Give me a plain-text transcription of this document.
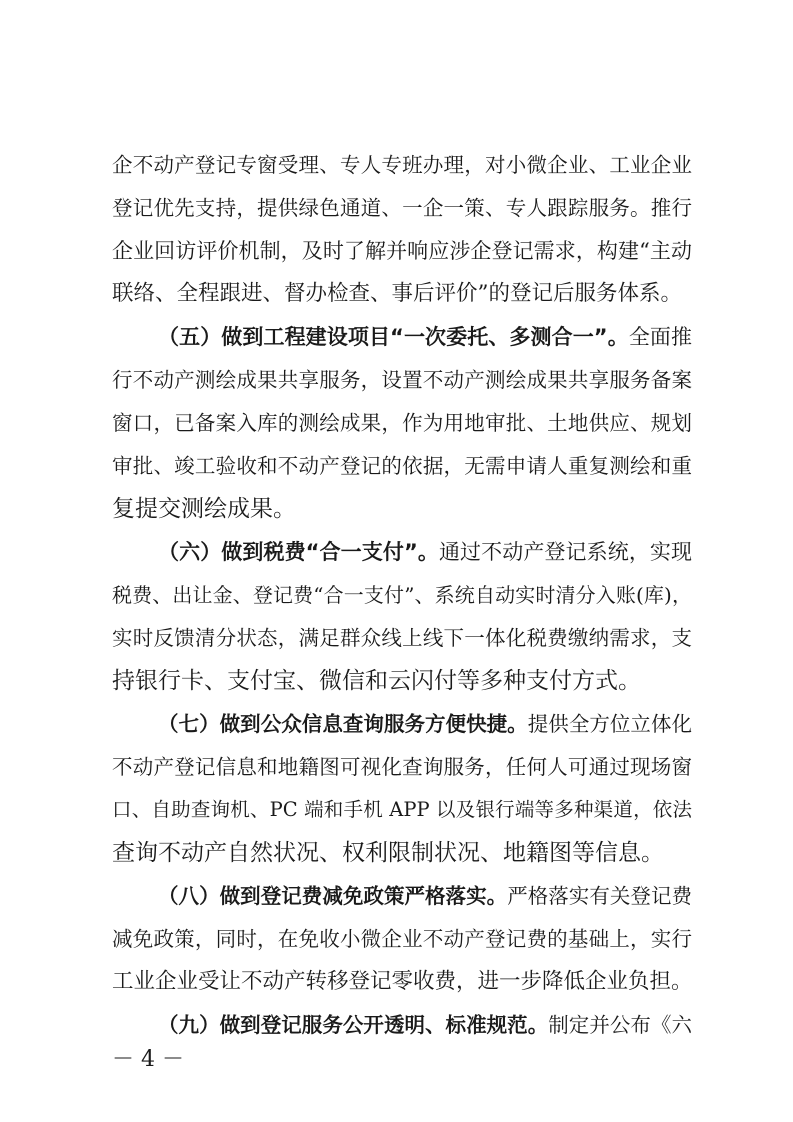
企不动产登记专窗受理、专人专班办理，对小微企业、工业企业
登记优先支持，提供绿色通道、一企一策、专人跟踪服务。推行
企业回访评价机制，及时了解并响应涉企登记需求，构建“主动
联络、全程跟进、督办检查、事后评价”的登记后服务体系。
（五）做到工程建设项目“一次委托、多测合一”。全面推
行不动产测绘成果共享服务，设置不动产测绘成果共享服务备案
窗口，已备案入库的测绘成果，作为用地审批、土地供应、规划
审批、竣工验收和不动产登记的依据，无需申请人重复测绘和重
复提交测绘成果。
（六）做到税费“合一支付”。通过不动产登记系统，实现
税费、出让金、登记费“合一支付”、系统自动实时清分入账(库)，
实时反馈清分状态，满足群众线上线下一体化税费缴纳需求，支
持银行卡、支付宝、微信和云闪付等多种支付方式。
（七）做到公众信息查询服务方便快捷。提供全方位立体化
不动产登记信息和地籍图可视化查询服务，任何人可通过现场窗
口、自助查询机、PC 端和手机 APP 以及银行端等多种渠道，依法
查询不动产自然状况、权利限制状况、地籍图等信息。
（八）做到登记费减免政策严格落实。严格落实有关登记费
减免政策，同时，在免收小微企业不动产登记费的基础上，实行
工业企业受让不动产转移登记零收费，进一步降低企业负担。
（九）做到登记服务公开透明、标准规范。制定并公布《六
－ 4 －
